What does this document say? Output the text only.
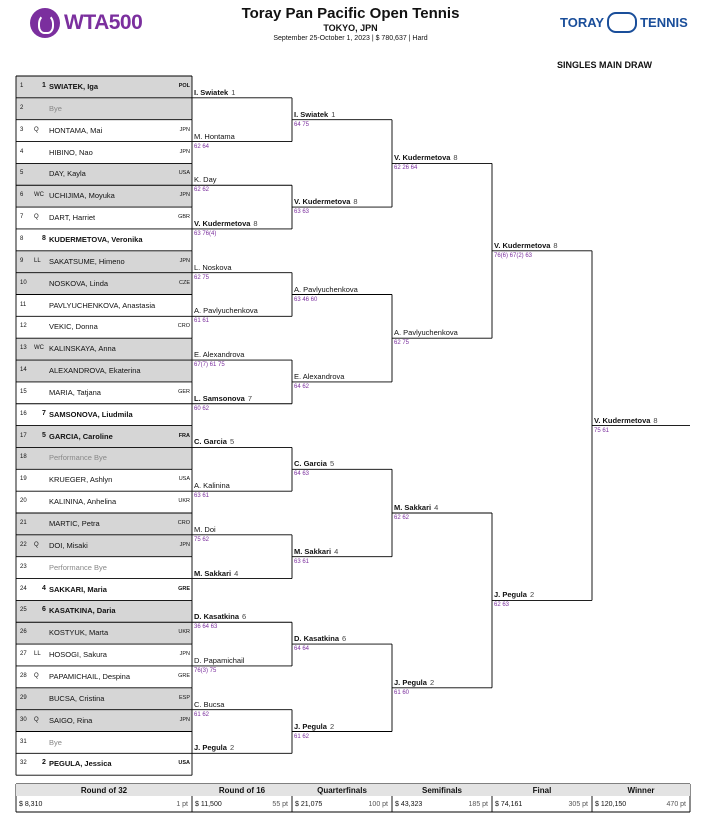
WTA500	Toray Pan Pacific Open Tennis
TOKYO, JPN
September 25-October 1, 2023 | $ 780,637 | Hard
TORAY	TENNIS
SINGLES MAIN DRAW
1	1 SWIATEK, Iga	POL
2	Bye
3 Q HONTAMA, Mai	JPN
4	HIBINO, Nao	JPN
5	DAY, Kayla	USA
6 WC UCHIJIMA, Moyuka	JPN
7 Q DART, Harriet	GBR
8	8 KUDERMETOVA, Veronika
9 LL SAKATSUME, Himeno	JPN
10	NOSKOVA, Linda	CZE
11	PAVLYUCHENKOVA, Anastasia
12	VEKIC, Donna	CRO
13 WC KALINSKAYA, Anna
14	ALEXANDROVA, Ekaterina
15	MARIA, Tatjana	GER
16 7 SAMSONOVA, Liudmila
17 5 GARCIA, Caroline	FRA
18	Performance Bye
19	KRUEGER, Ashlyn	USA
20	KALININA, Anhelina	UKR
21	MARTIC, Petra	CRO
22 Q DOI, Misaki	JPN
23	Performance Bye
24 4 SAKKARI, Maria	GRE
25 6 KASATKINA, Daria
26	KOSTYUK, Marta	UKR
27 LL HOSOGI, Sakura	JPN
28 Q PAPAMICHAIL, Despina	GRE
29	BUCSA, Cristina	ESP
30 Q SAIGO, Rina	JPN
31	Bye
32 2 PEGULA, Jessica	USA
I. Swiatek 1
M. Hontama
62 64
K. Day
62 62
V. Kudermetova 8
63 76(4)
L. Noskova
62 75
A. Pavlyuchenkova
61 61
E. Alexandrova
67(7) 61 75
L. Samsonova 7
60 62
C. Garcia 5
A. Kalinina
63 61
M. Doi
75 62
M. Sakkari 4
D. Kasatkina 6
36 64 63
D. Papamichail
76(3) 75
C. Bucsa
61 62
J. Pegula 2
I. Swiatek 1
64 75
V. Kudermetova 8
63 63
A. Pavlyuchenkova
63 46 60
E. Alexandrova
64 62
C. Garcia 5
64 63
M. Sakkari 4
63 61
D. Kasatkina 6
64 64
J. Pegula 2
61 62
V. Kudermetova 8
62 26 64
A. Pavlyuchenkova
62 75
M. Sakkari 4
62 62
J. Pegula 2
61 60
V. Kudermetova 8
76(6) 67(2) 63
J. Pegula 2
62 63
V. Kudermetova 8
75 61
Round of 32
$ 8,310	1 pt
Round of 16
$ 11,500	55 pt
Quarterfinals
$ 21,075	100 pt
Semifinals
$ 43,323	185 pt
Final
$ 74,161	305 pt
Winner
$ 120,150	470 pt
